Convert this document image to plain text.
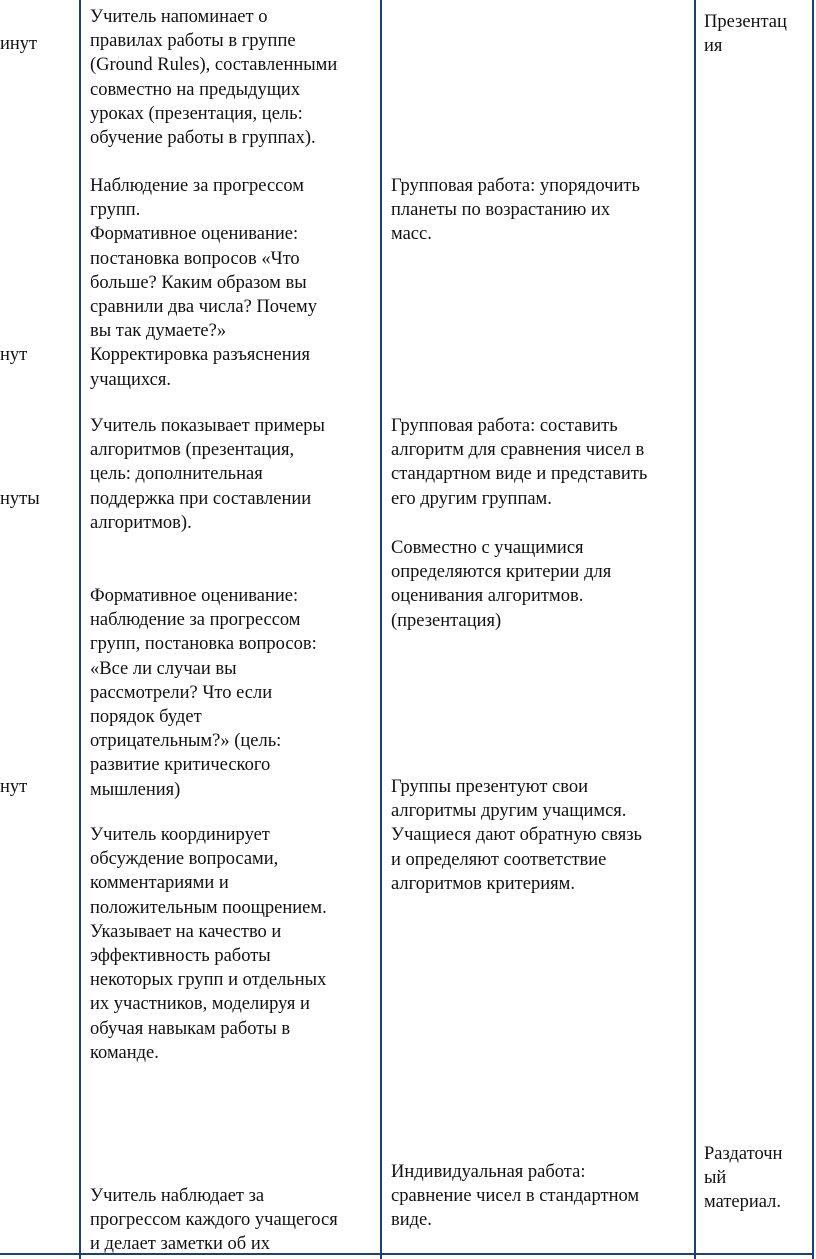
инут

нут

нуты

нут

Учитель напоминает о
правилах работы в группе
(Ground Rules), составленными
совместно на предыдущих
уроках (презентация, цель:
обучение работы в группах).

Наблюдение за прогрессом
групп.
Формативное оценивание:
постановка вопросов «Что
больше? Каким образом вы
сравнили два числа? Почему
вы так думаете?»
Корректировка разъяснения
учащихся.

Учитель показывает примеры
алгоритмов (презентация,
цель: дополнительная
поддержка при составлении
алгоритмов).

Формативное оценивание:
наблюдение за прогрессом
групп, постановка вопросов:
«Все ли случаи вы
рассмотрели? Что если
порядок будет
отрицательным?» (цель:
развитие критического
мышления)

Учитель координирует
обсуждение вопросами,
комментариями и
положительным поощрением.
Указывает на качество и
эффективность работы
некоторых групп и отдельных
их участников, моделируя и
обучая навыкам работы в
команде.

Учитель наблюдает за
прогрессом каждого учащегося
и делает заметки об их

Групповая работа: упорядочить
планеты по возрастанию их
масс.

Групповая работа: составить
алгоритм для сравнения чисел в
стандартном виде и представить
его другим группам.

Совместно с учащимися
определяются критерии для
оценивания алгоритмов.
(презентация)

Группы презентуют свои
алгоритмы другим учащимся.
Учащиеся дают обратную связь
и определяют соответствие
алгоритмов критериям.

Индивидуальная работа:
сравнение чисел в стандартном
виде.

Презентац
ия

Раздаточн
ый
материал.
